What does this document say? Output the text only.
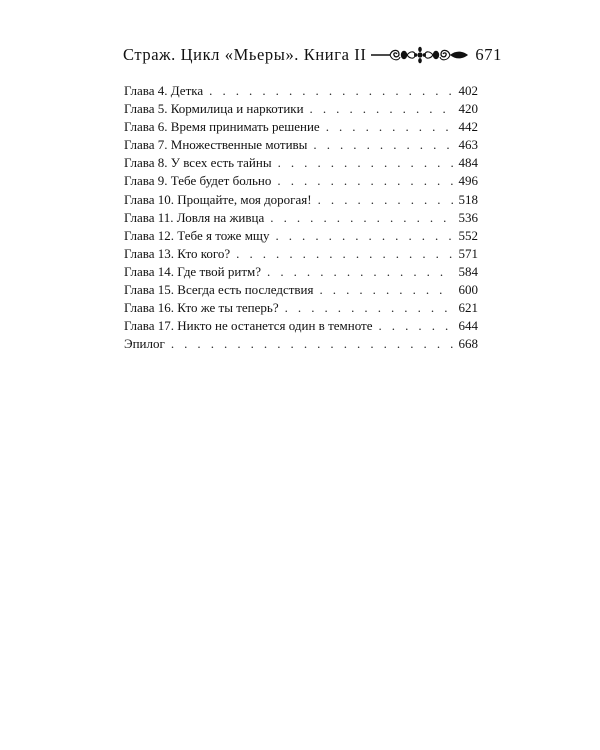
Страж. Цикл «Мьеры». Книга II	671
Глава 4. Детка . . .	402
Глава 5. Кормилица и наркотики . . .	420
Глава 6. Время принимать решение . . .	442
Глава 7. Множественные мотивы . . .	463
Глава 8. У всех есть тайны . . .	484
Глава 9. Тебе будет больно . . .	496
Глава 10. Прощайте, моя дорогая! . . .	518
Глава 11. Ловля на живца . . .	536
Глава 12. Тебе я тоже мщу . . .	552
Глава 13. Кто кого? . . .	571
Глава 14. Где твой ритм? . . .	584
Глава 15. Всегда есть последствия . . .	600
Глава 16. Кто же ты теперь? . . .	621
Глава 17. Никто не останется один в темноте . . .	644
Эпилог . . .	668
